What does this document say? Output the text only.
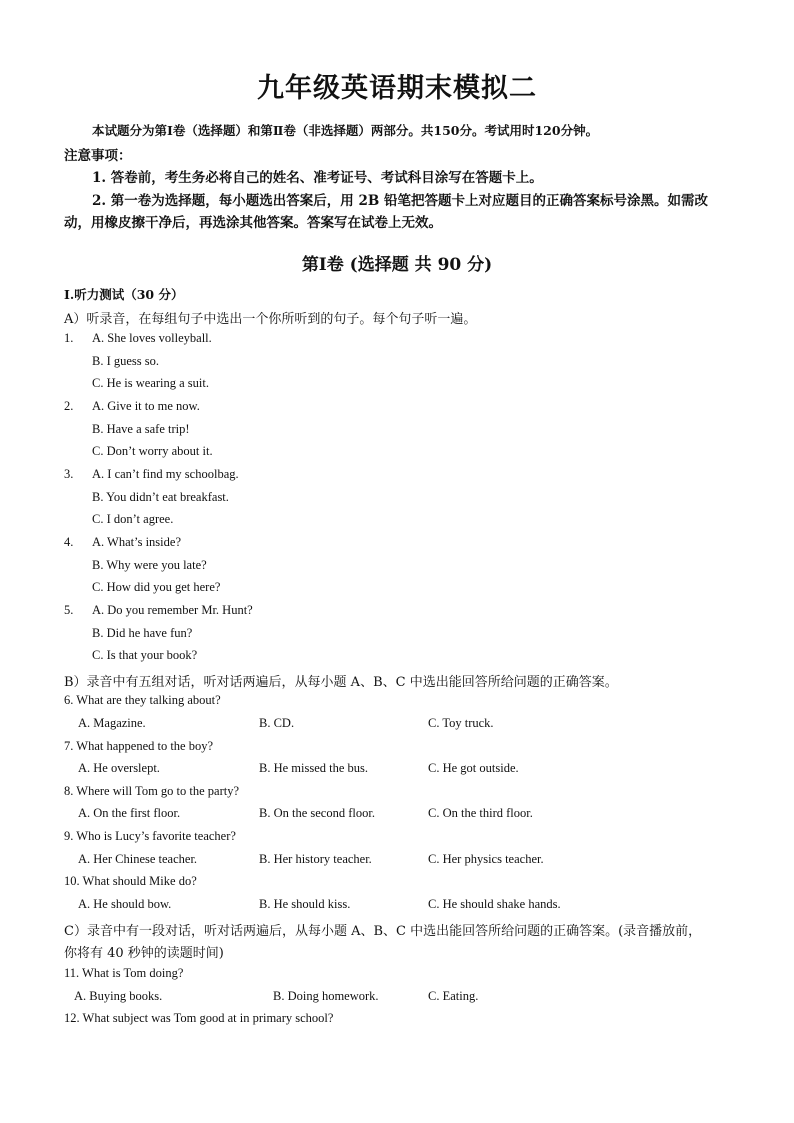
九年级英语期末模拟二
本试题分为第Ⅰ卷（选择题）和第Ⅱ卷（非选择题）两部分。共150分。考试用时120分钟。
注意事项：
1. 答卷前，考生务必将自己的姓名、准考证号、考试科目涂写在答题卡上。
2. 第一卷为选择题，每小题选出答案后，用 2B 铅笔把答题卡上对应题目的正确答案标号涂黑。如需改
动，用橡皮擦干净后，再选涂其他答案。答案写在试卷上无效。
第Ⅰ卷 (选择题 共 90 分)
Ⅰ.听力测试（30 分）
A）听录音，在每组句子中选出一个你所听到的句子。每个句子听一遍。
1. A. She loves volleyball.
B. I guess so.
C. He is wearing a suit.
2. A. Give it to me now.
B. Have a safe trip!
C. Don’t worry about it.
3. A. I can’t find my schoolbag.
B. You didn’t eat breakfast.
C. I don’t agree.
4. A. What’s inside?
B. Why were you late?
C. How did you get here?
5. A. Do you remember Mr. Hunt?
B. Did he have fun?
C. Is that your book?
B）录音中有五组对话，听对话两遍后，从每小题 A、B、C 中选出能回答所给问题的正确答案。
6. What are they talking about?
A. Magazine.	B. CD.	C. Toy truck.
7. What happened to the boy?
A. He overslept.	B. He missed the bus.	C. He got outside.
8. Where will Tom go to the party?
A. On the first floor.	B. On the second floor.	C. On the third floor.
9. Who is Lucy’s favorite teacher?
A. Her Chinese teacher.	B. Her history teacher.	C. Her physics teacher.
10. What should Mike do?
A. He should bow.	B. He should kiss.	C. He should shake hands.
C）录音中有一段对话，听对话两遍后，从每小题 A、B、C 中选出能回答所给问题的正确答案。(录音播放前，
你将有 40 秒钟的读题时间)
11. What is Tom doing?
A. Buying books.	B. Doing homework.	C. Eating.
12. What subject was Tom good at in primary school?
